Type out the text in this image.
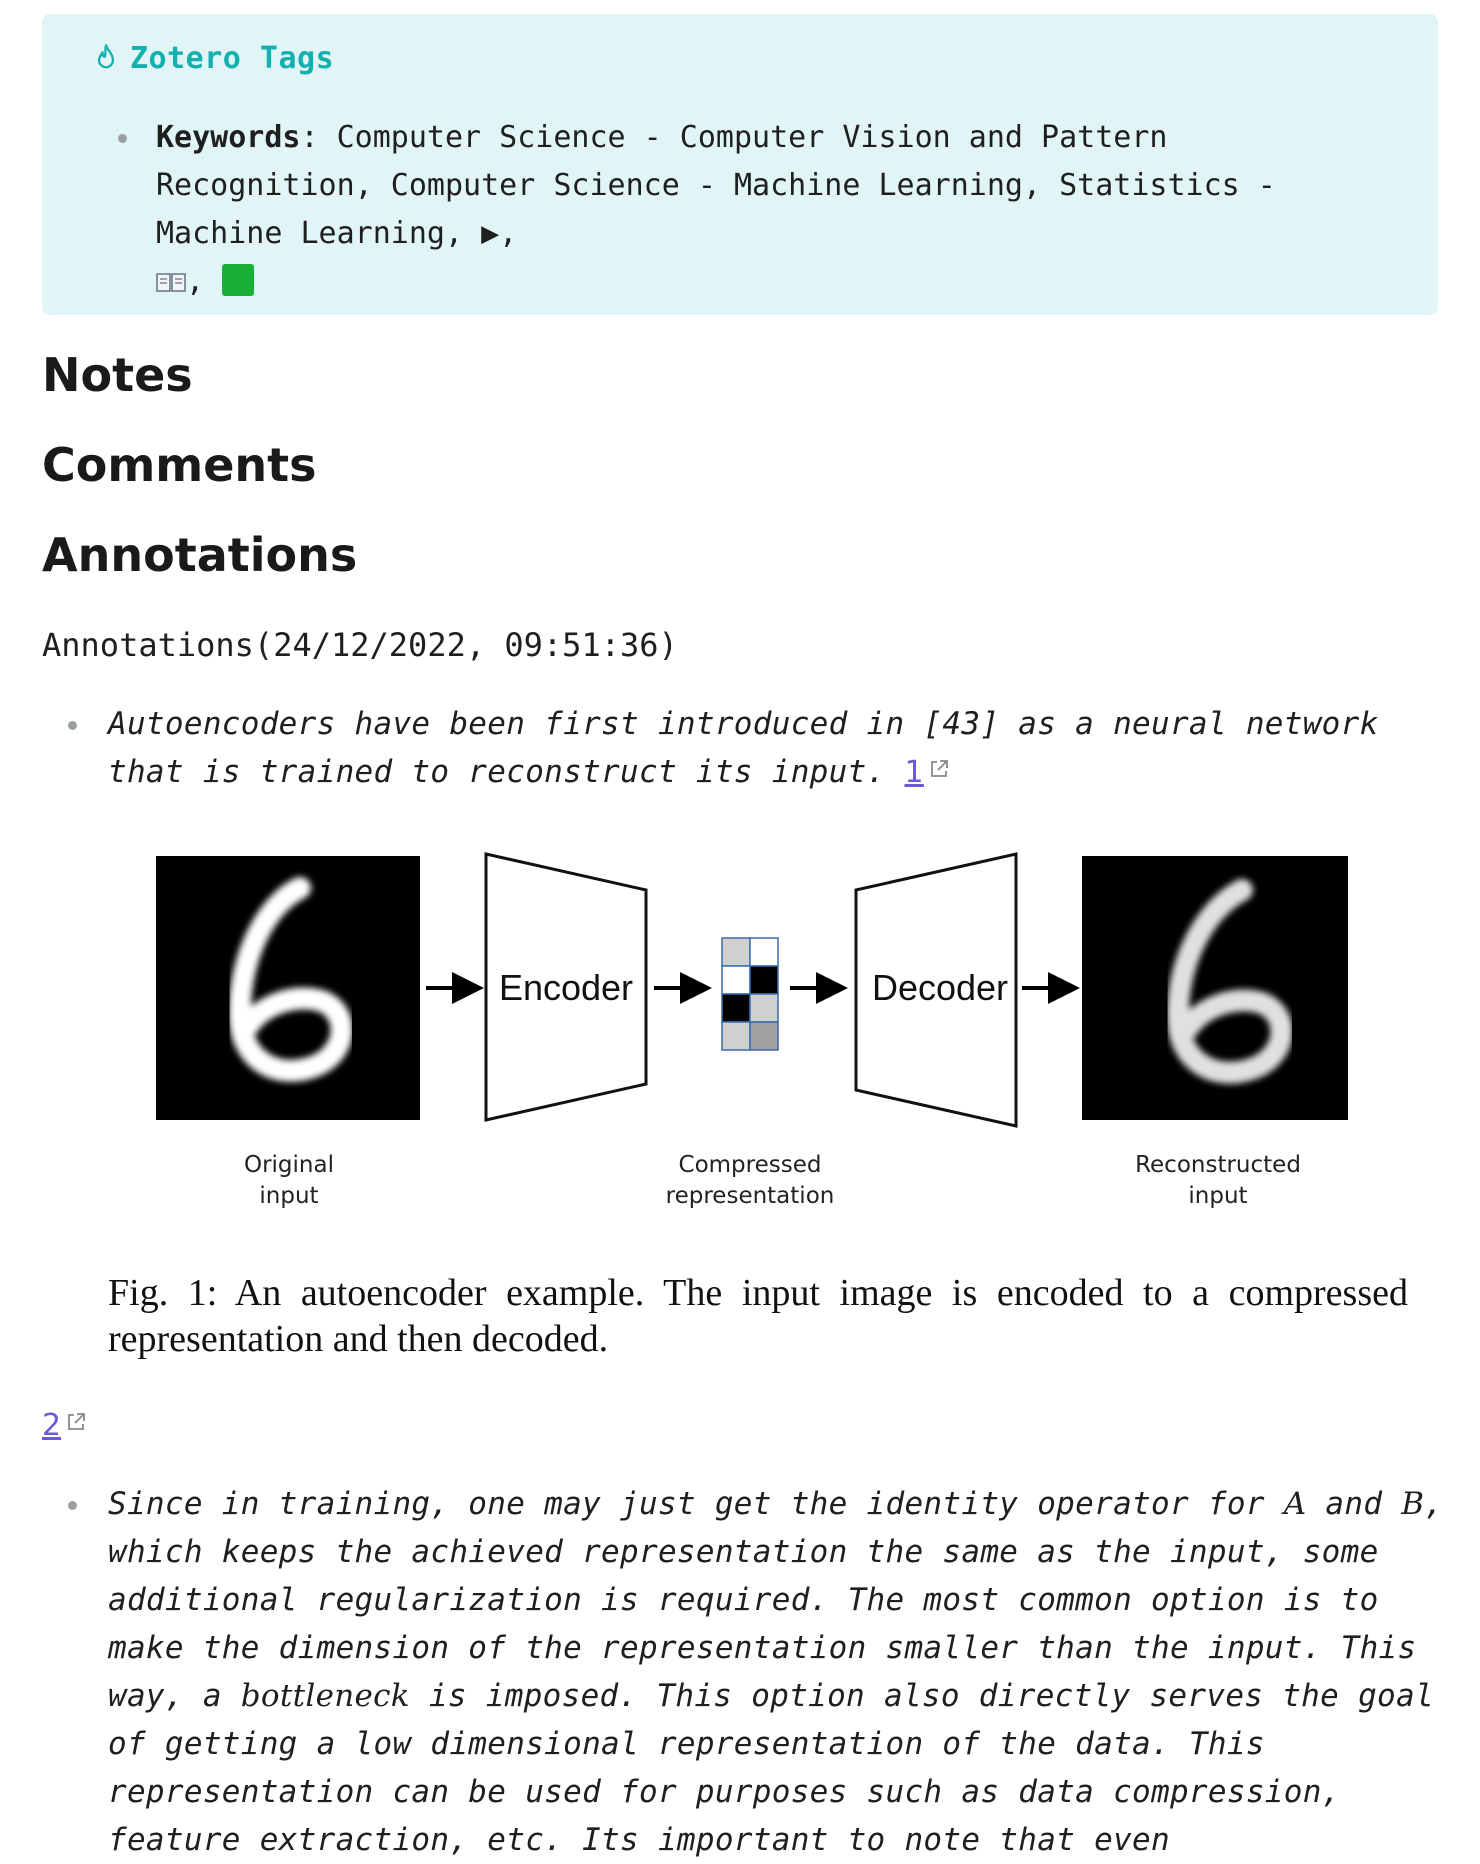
Zotero Tags
Keywords: Computer Science - Computer Vision and Pattern Recognition, Computer Science - Machine Learning, Statistics - Machine Learning, ▶,
,
Notes
Comments
Annotations
Annotations(24/12/2022, 09:51:36)
Autoencoders have been first introduced in [43] as a neural network that is trained to reconstruct its input. 1
Encoder	Decoder
Original
input
Compressed
representation
Reconstructed
input
Fig. 1: An autoencoder example. The input image is encoded to a compressed representation and then decoded.
2
Since in training, one may just get the identity operator for A and B, which keeps the achieved representation the same as the input, some additional regularization is required. The most common option is to make the dimension of the representation smaller than the input. This way, a bottleneck is imposed. This option also directly serves the goal of getting a low dimensional representation of the data. This representation can be used for purposes such as data compression, feature extraction, etc. Its important to note that even
